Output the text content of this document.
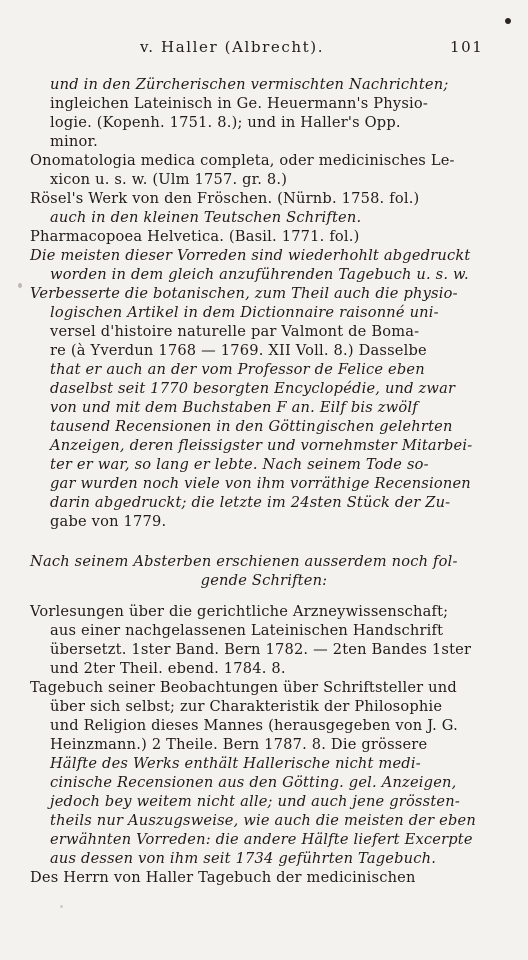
v. Haller (Albrecht).	101
und in den Zürcherischen vermischten Nachrichten;
ingleichen Lateinisch in Ge. Heuermann's Physio-
logie. (Kopenh. 1751. 8.); und in Haller's Opp.
minor.
Onomatologia medica completa, oder medicinisches Le-
xicon u. s. w. (Ulm 1757. gr. 8.)
Rösel's Werk von den Fröschen. (Nürnb. 1758. fol.)
auch in den kleinen Teutschen Schriften.
Pharmacopoea Helvetica. (Basil. 1771. fol.)
Die meisten dieser Vorreden sind wiederhohlt abgedruckt
worden in dem gleich anzuführenden Tagebuch u. s. w.
Verbesserte die botanischen, zum Theil auch die physio-
logischen Artikel in dem Dictionnaire raisonné uni-
versel d'histoire naturelle par Valmont de Boma-
re (à Yverdun 1768 — 1769. XII Voll. 8.) Dasselbe
that er auch an der vom Professor de Felice eben
daselbst seit 1770 besorgten Encyclopédie, und zwar
von und mit dem Buchstaben F an. Eilf bis zwölf
tausend Recensionen in den Göttingischen gelehrten
Anzeigen, deren fleissigster und vornehmster Mitarbei-
ter er war, so lang er lebte. Nach seinem Tode so-
gar wurden noch viele von ihm vorräthige Recensionen
darin abgedruckt; die letzte im 24sten Stück der Zu-
gabe von 1779.
Nach seinem Absterben erschienen ausserdem noch fol-
gende Schriften:
Vorlesungen über die gerichtliche Arzneywissenschaft;
aus einer nachgelassenen Lateinischen Handschrift
übersetzt. 1ster Band. Bern 1782. — 2ten Bandes 1ster
und 2ter Theil. ebend. 1784. 8.
Tagebuch seiner Beobachtungen über Schriftsteller und
über sich selbst; zur Charakteristik der Philosophie
und Religion dieses Mannes (herausgegeben von J. G.
Heinzmann.) 2 Theile. Bern 1787. 8. Die grössere
Hälfte des Werks enthält Hallerische nicht medi-
cinische Recensionen aus den Götting. gel. Anzeigen,
jedoch bey weitem nicht alle; und auch jene grössten-
theils nur Auszugsweise, wie auch die meisten der eben
erwähnten Vorreden: die andere Hälfte liefert Excerpte
aus dessen von ihm seit 1734 geführten Tagebuch.
Des Herrn von Haller Tagebuch der medicinischen
